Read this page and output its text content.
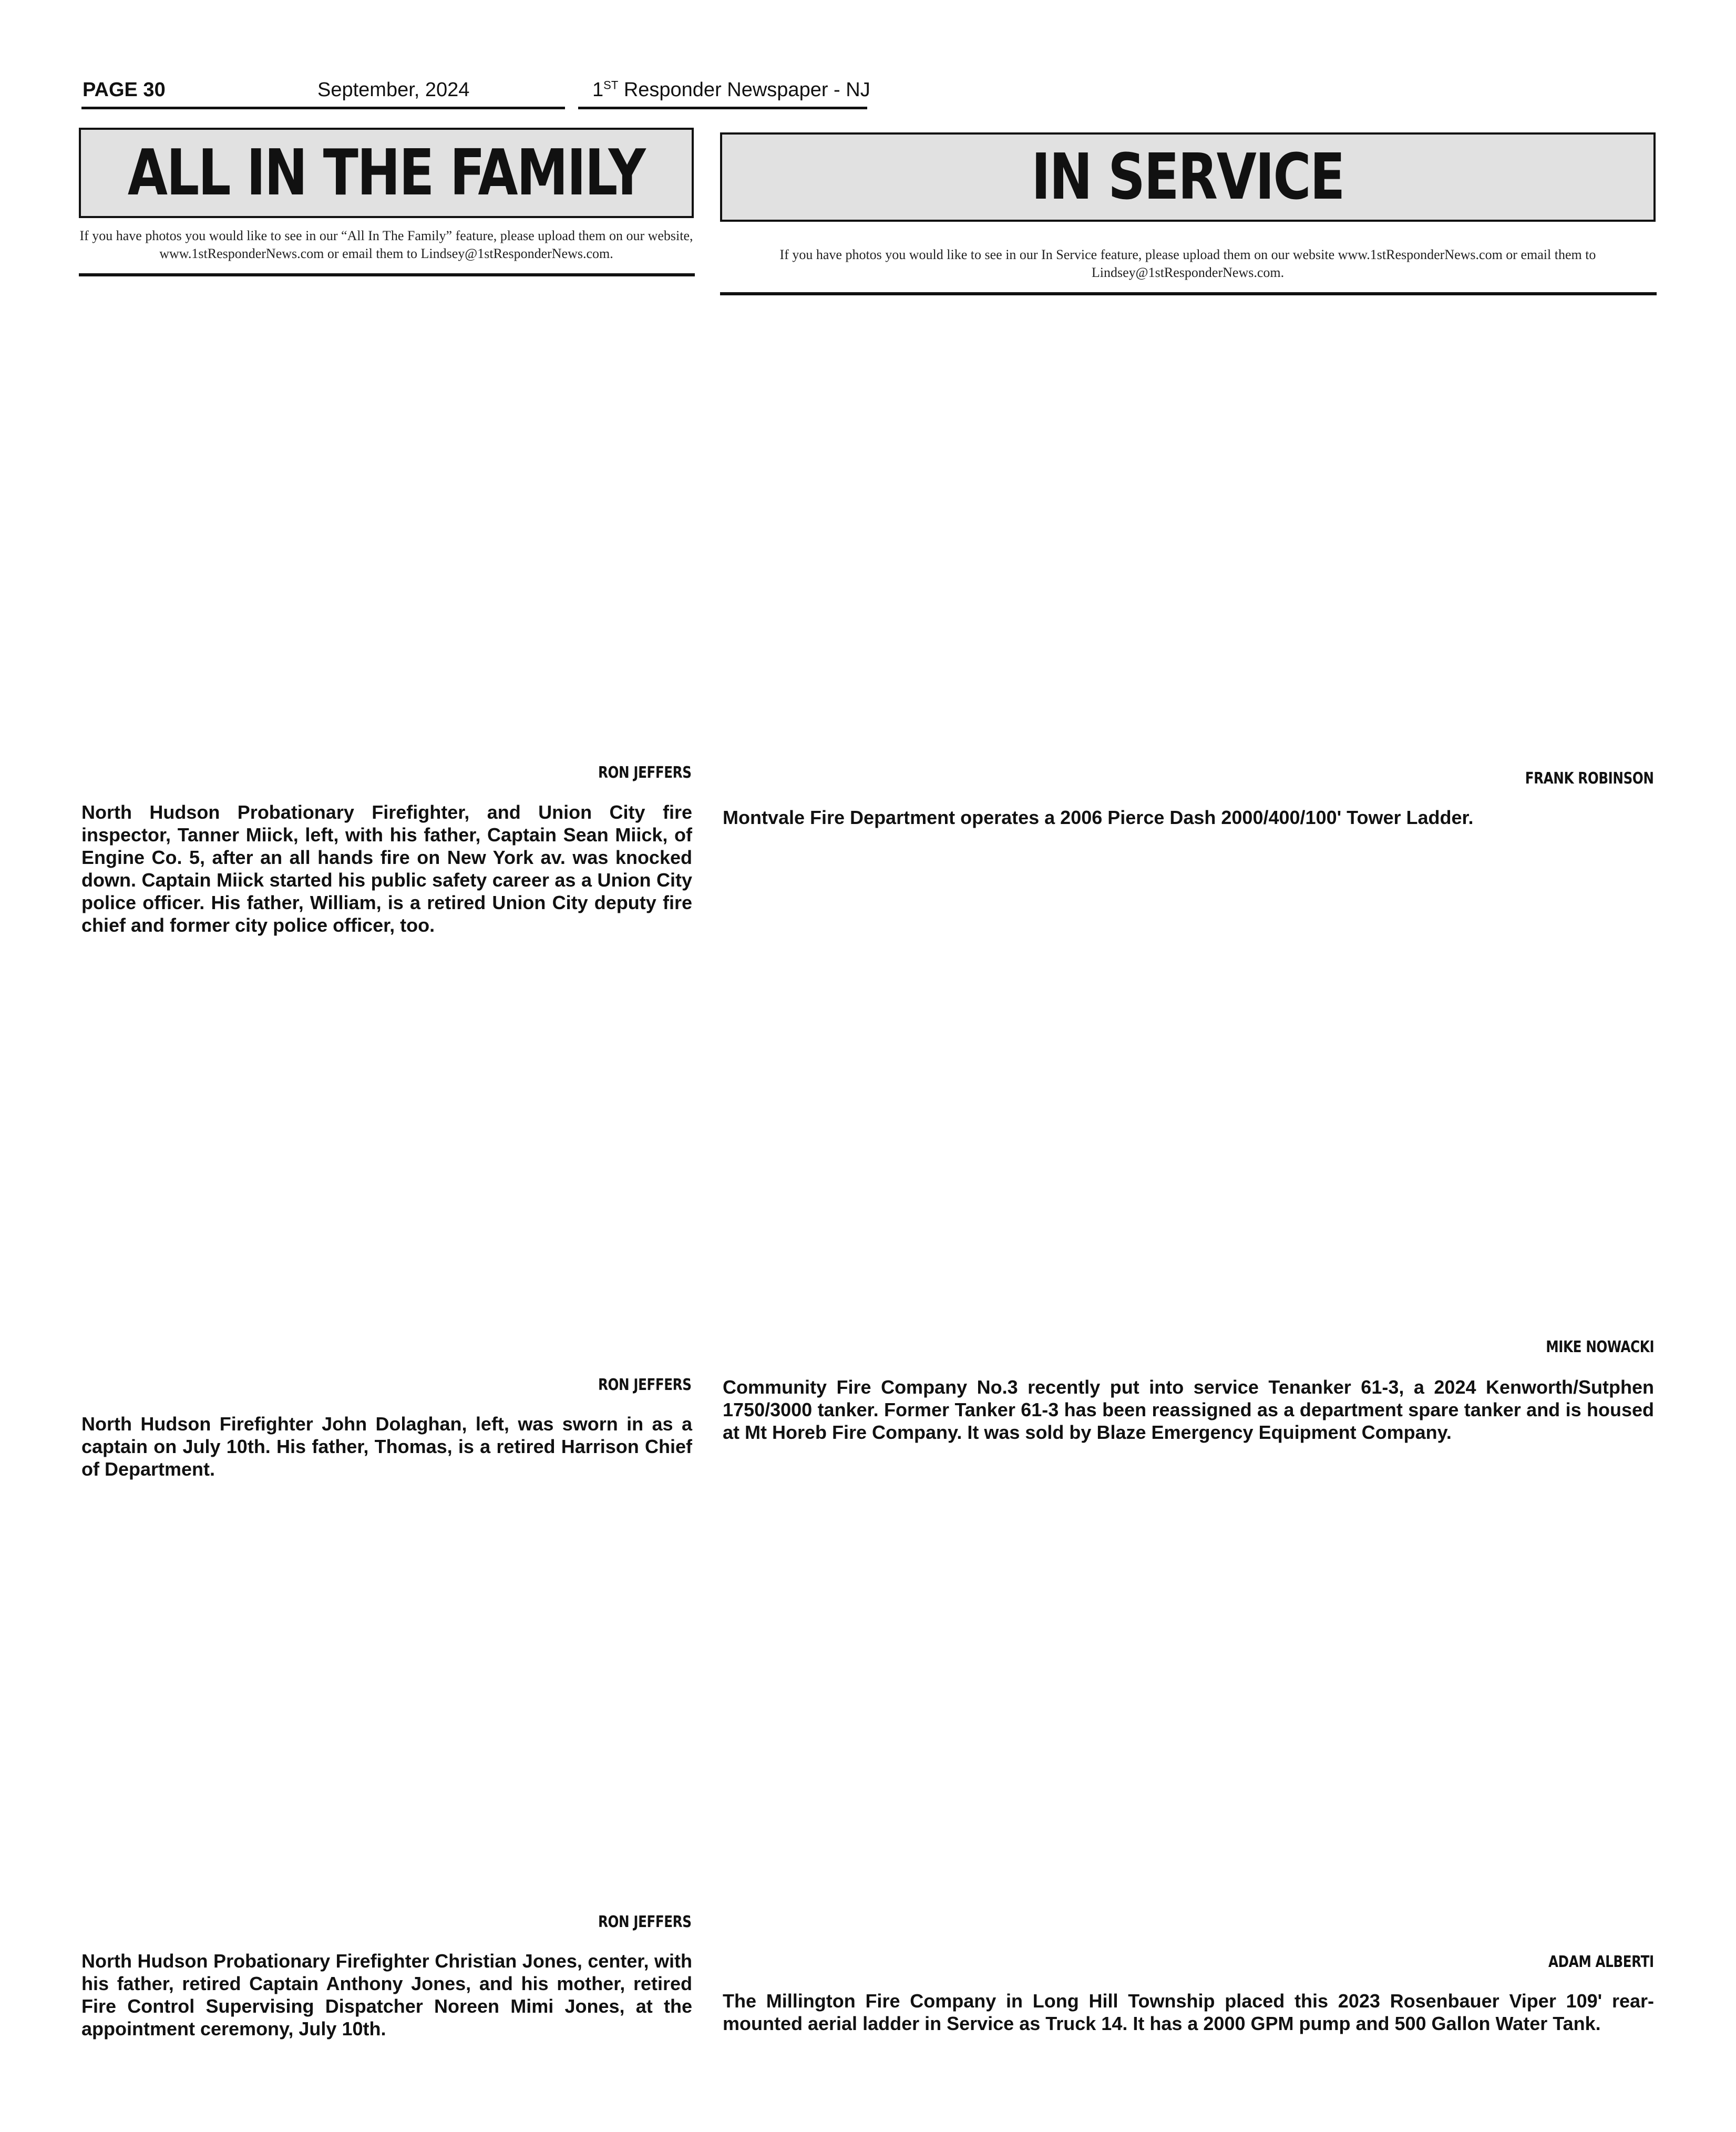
PAGE 30	September, 2024	1ST Responder Newspaper - NJ
ALL IN THE FAMILY
If you have photos you would like to see in our “All In The Family” feature, please upload them on our website, www.1stResponderNews.com or email them to Lindsey@1stResponderNews.com.
RON JEFFERS
North Hudson Probationary Firefighter, and Union City fire inspector, Tanner Miick, left, with his father, Captain Sean Miick, of Engine Co. 5, after an all hands fire on New York av. was knocked down. Captain Miick started his public safety career as a Union City police officer. His father, William, is a retired Union City deputy fire chief and former city police officer, too.
RON JEFFERS
North Hudson Firefighter John Dolaghan, left, was sworn in as a captain on July 10th. His father, Thomas, is a retired Harrison Chief of Department.
RON JEFFERS
North Hudson Probationary Firefighter Christian Jones, center, with his father, retired Captain Anthony Jones, and his mother, retired Fire Control Supervising Dispatcher Noreen Mimi Jones, at the appointment ceremony, July 10th.
IN SERVICE
If you have photos you would like to see in our In Service feature, please upload them on our website www.1stResponderNews.com or email them to Lindsey@1stResponderNews.com.
FRANK ROBINSON
Montvale Fire Department operates a 2006 Pierce Dash 2000/400/100' Tower Ladder.
MIKE NOWACKI
Community Fire Company No.3 recently put into service Tenanker 61-3, a 2024 Kenworth/Sutphen 1750/3000 tanker. Former Tanker 61-3 has been reassigned as a department spare tanker and is housed at Mt Horeb Fire Company. It was sold by Blaze Emergency Equipment Company.
ADAM ALBERTI
The Millington Fire Company in Long Hill Township placed this 2023 Rosenbauer Viper 109' rear-mounted aerial ladder in Service as Truck 14. It has a 2000 GPM pump and 500 Gallon Water Tank.
